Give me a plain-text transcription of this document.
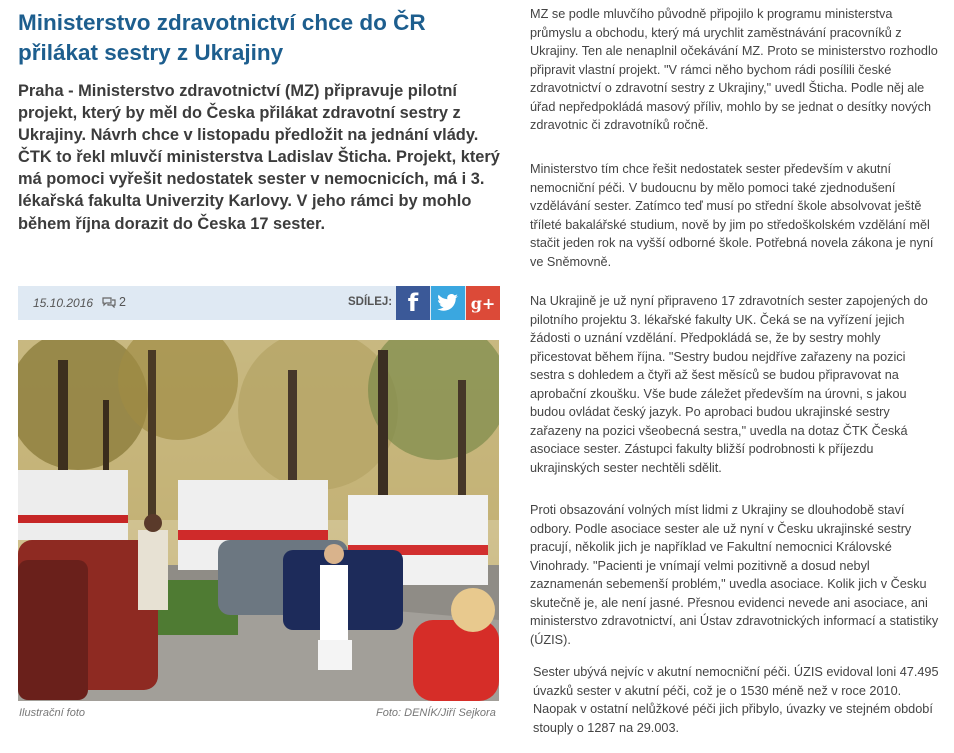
Ministerstvo zdravotnictví chce do ČR přilákat sestry z Ukrajiny

Praha - Ministerstvo zdravotnictví (MZ) připravuje pilotní projekt, který by měl do Česka přilákat zdravotní sestry z Ukrajiny. Návrh chce v listopadu předložit na jednání vlády. ČTK to řekl mluvčí ministerstva Ladislav Šticha. Projekt, který má pomoci vyřešit nedostatek sester v nemocnicích, má i 3. lékařská fakulta Univerzity Karlovy. V jeho rámci by mohlo během října dorazit do Česka 17 sester.

15.10.2016 2	SDÍLEJ: f	g+
Ilustrační foto	Foto: DENÍK/Jiří Sejkora

MZ se podle mluvčího původně připojilo k programu ministerstva průmyslu a obchodu, který má urychlit zaměstnávání pracovníků z Ukrajiny. Ten ale nenaplnil očekávání MZ. Proto se ministerstvo rozhodlo připravit vlastní projekt. "V rámci něho bychom rádi posílili české zdravotnictví o zdravotní sestry z Ukrajiny," uvedl Šticha. Podle něj ale úřad nepředpokládá masový příliv, mohlo by se jednat o desítky nových zdravotnic či zdravotníků ročně.

Ministerstvo tím chce řešit nedostatek sester především v akutní nemocniční péči. V budoucnu by mělo pomoci také zjednodušení vzdělávání sester. Zatímco teď musí po střední škole absolvovat ještě tříleté bakalářské studium, nově by jim po středoškolském vzdělání měl stačit jeden rok na vyšší odborné škole. Potřebná novela zákona je nyní ve Sněmovně.

Na Ukrajině je už nyní připraveno 17 zdravotních sester zapojených do pilotního projektu 3. lékařské fakulty UK. Čeká se na vyřízení jejich žádosti o uznání vzdělání. Předpokládá se, že by sestry mohly přicestovat během října. "Sestry budou nejdříve zařazeny na pozici sestra s dohledem a čtyři až šest měsíců se budou připravovat na aprobační zkoušku. Vše bude záležet především na úrovni, s jakou budou ovládat český jazyk. Po aprobaci budou ukrajinské sestry zařazeny na pozici všeobecná sestra," uvedla na dotaz ČTK Česká asociace sester. Zástupci fakulty bližší podrobnosti k příjezdu ukrajinských sester nechtěli sdělit.

Proti obsazování volných míst lidmi z Ukrajiny se dlouhodobě staví odbory. Podle asociace sester ale už nyní v Česku ukrajinské sestry pracují, několik jich je například ve Fakultní nemocnici Královské Vinohrady. "Pacienti je vnímají velmi pozitivně a dosud nebyl zaznamenán sebemenší problém," uvedla asociace. Kolik jich v Česku skutečně je, ale není jasné. Přesnou evidenci nevede ani asociace, ani ministerstvo zdravotnictví, ani Ústav zdravotnických informací a statistiky (ÚZIS).

Sester ubývá nejvíc v akutní nemocniční péči. ÚZIS evidoval loni 47.495 úvazků sester v akutní péči, což je o 1530 méně než v roce 2010. Naopak v ostatní nelůžkové péči jich přibylo, úvazky ve stejném období stouply o 1287 na 29.003.
